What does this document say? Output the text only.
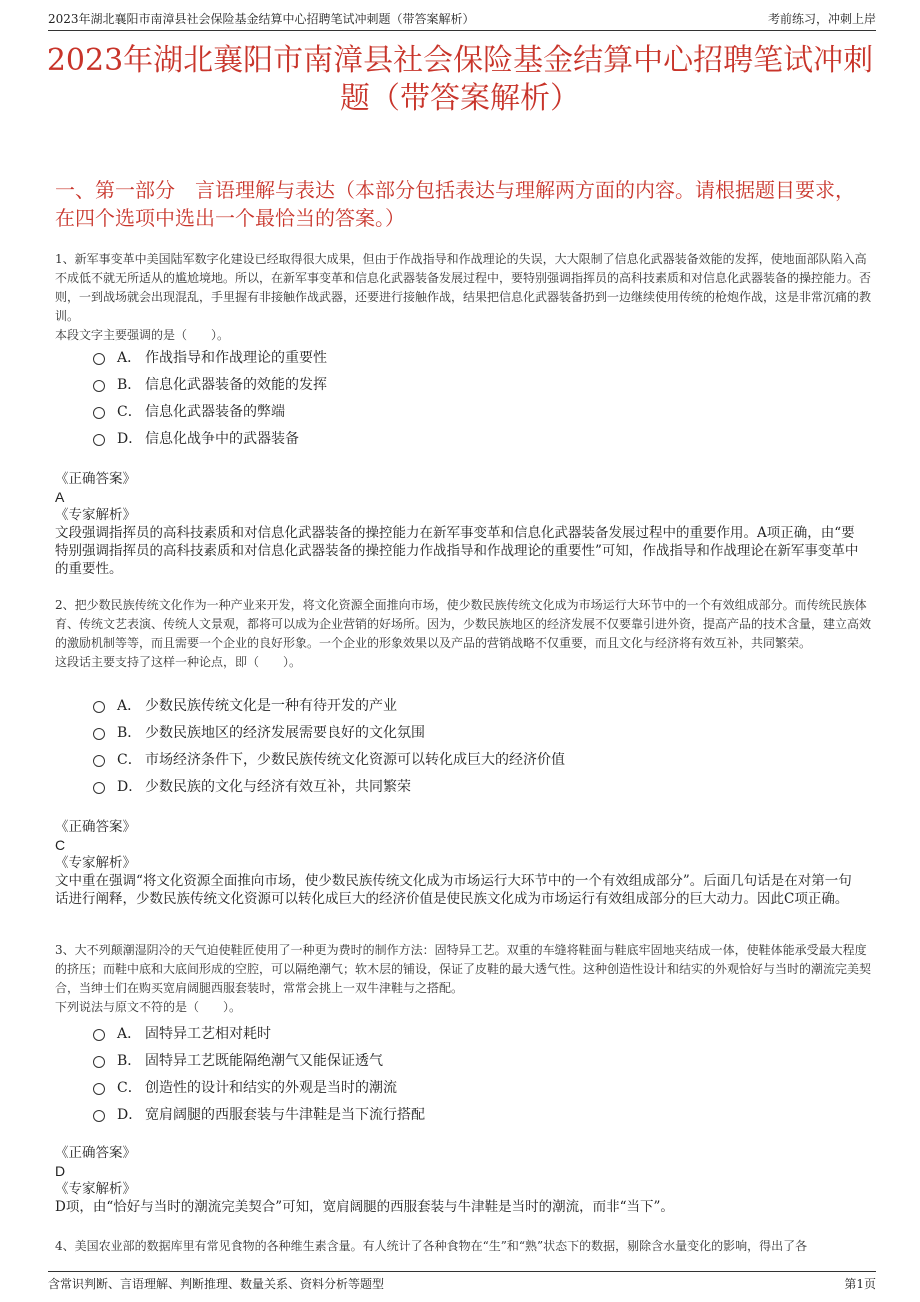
2023年湖北襄阳市南漳县社会保险基金结算中心招聘笔试冲刺题（带答案解析）	考前练习，冲刺上岸
2023年湖北襄阳市南漳县社会保险基金结算中心招聘笔试冲刺题（带答案解析）
一、第一部分　言语理解与表达（本部分包括表达与理解两方面的内容。请根据题目要求，在四个选项中选出一个最恰当的答案。）
1、新军事变革中美国陆军数字化建设已经取得很大成果，但由于作战指导和作战理论的失误，大大限制了信息化武器装备效能的发挥，使地面部队陷入高不成低不就无所适从的尴尬境地。所以，在新军事变革和信息化武器装备发展过程中，要特别强调指挥员的高科技素质和对信息化武器装备的操控能力。否则，一到战场就会出现混乱，手里握有非接触作战武器，还要进行接触作战，结果把信息化武器装备扔到一边继续使用传统的枪炮作战，这是非常沉痛的教训。
本段文字主要强调的是（　　）。
A． 作战指导和作战理论的重要性
B． 信息化武器装备的效能的发挥
C． 信息化武器装备的弊端
D． 信息化战争中的武器装备
《正确答案》
A
《专家解析》
文段强调指挥员的高科技素质和对信息化武器装备的操控能力在新军事变革和信息化武器装备发展过程中的重要作用。A项正确，由“要特别强调指挥员的高科技素质和对信息化武器装备的操控能力作战指导和作战理论的重要性”可知，作战指导和作战理论在新军事变革中的重要性。
2、把少数民族传统文化作为一种产业来开发，将文化资源全面推向市场，使少数民族传统文化成为市场运行大环节中的一个有效组成部分。而传统民族体育、传统文艺表演、传统人文景观，都将可以成为企业营销的好场所。因为，少数民族地区的经济发展不仅要靠引进外资，提高产品的技术含量，建立高效的激励机制等等，而且需要一个企业的良好形象。一个企业的形象效果以及产品的营销战略不仅重要，而且文化与经济将有效互补，共同繁荣。
这段话主要支持了这样一种论点，即（　　）。
A． 少数民族传统文化是一种有待开发的产业
B． 少数民族地区的经济发展需要良好的文化氛围
C． 市场经济条件下，少数民族传统文化资源可以转化成巨大的经济价值
D． 少数民族的文化与经济有效互补，共同繁荣
《正确答案》
C
《专家解析》
文中重在强调“将文化资源全面推向市场，使少数民族传统文化成为市场运行大环节中的一个有效组成部分”。后面几句话是在对第一句话进行阐释，少数民族传统文化资源可以转化成巨大的经济价值是使民族文化成为市场运行有效组成部分的巨大动力。因此C项正确。
3、大不列颠潮湿阴冷的天气迫使鞋匠使用了一种更为费时的制作方法：固特异工艺。双重的车缝将鞋面与鞋底牢固地夹结成一体，使鞋体能承受最大程度的挤压；而鞋中底和大底间形成的空腔，可以隔绝潮气；软木层的铺设，保证了皮鞋的最大透气性。这种创造性设计和结实的外观恰好与当时的潮流完美契合，当绅士们在购买宽肩阔腿西服套装时，常常会挑上一双牛津鞋与之搭配。
下列说法与原文不符的是（　　）。
A． 固特异工艺相对耗时
B． 固特异工艺既能隔绝潮气又能保证透气
C． 创造性的设计和结实的外观是当时的潮流
D． 宽肩阔腿的西服套装与牛津鞋是当下流行搭配
《正确答案》
D
《专家解析》
D项，由“恰好与当时的潮流完美契合”可知，宽肩阔腿的西服套装与牛津鞋是当时的潮流，而非“当下”。
4、美国农业部的数据库里有常见食物的各种维生素含量。有人统计了各种食物在“生”和“熟”状态下的数据，剔除含水量变化的影响，得出了各
含常识判断、言语理解、判断推理、数量关系、资料分析等题型	第1页
